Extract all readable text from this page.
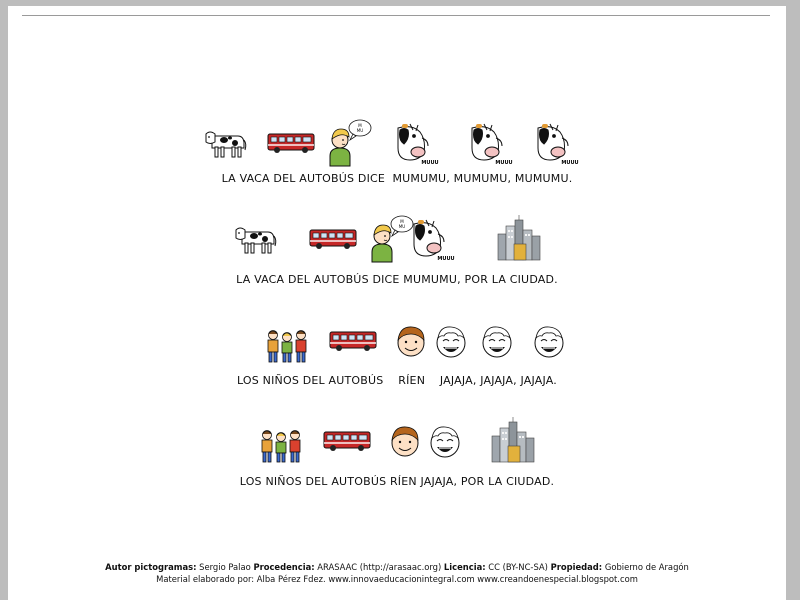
M
MU
MUUU	MUUU	MUUU
LA VACA DEL AUTOBÚS DICE  MUMUMU, MUMUMU, MUMUMU.
M
MU
MUUU
LA VACA DEL AUTOBÚS DICE MUMUMU, POR LA CIUDAD.
LOS NIÑOS DEL AUTOBÚS    RÍEN    JAJAJA, JAJAJA, JAJAJA.
LOS NIÑOS DEL AUTOBÚS RÍEN JAJAJA, POR LA CIUDAD.
Autor pictogramas: Sergio Palao Procedencia: ARASAAC (http://arasaac.org) Licencia: CC (BY-NC-SA) Propiedad: Gobierno de Aragón
Material elaborado por: Alba Pérez Fdez. www.innovaeducacionintegral.com www.creandoenespecial.blogspot.com
